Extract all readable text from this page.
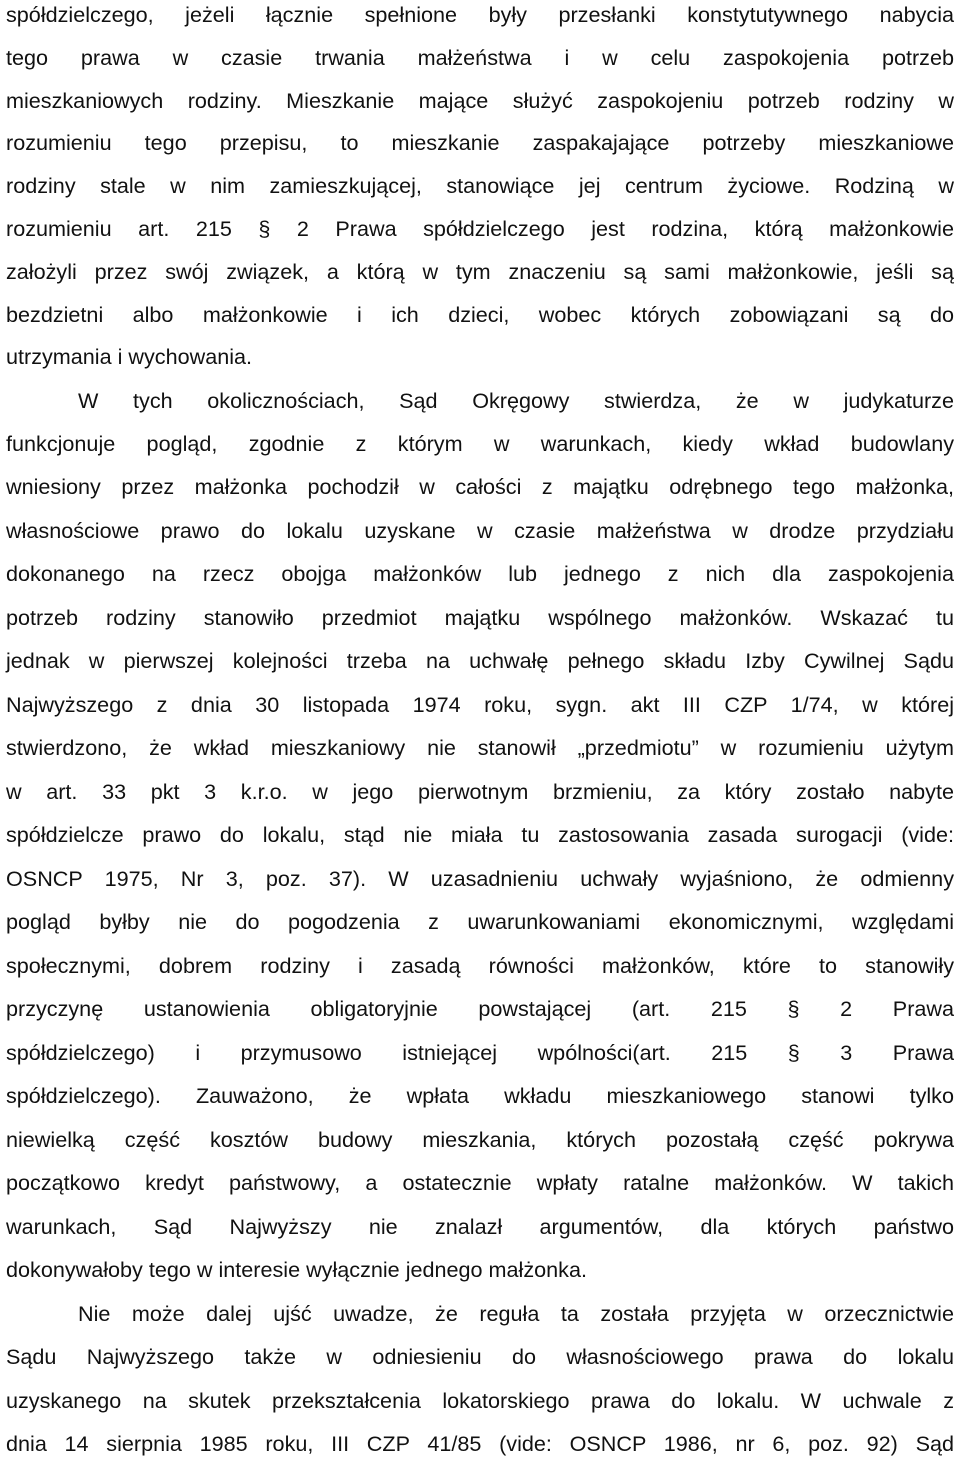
spółdzielczego, jeżeli łącznie spełnione były przesłanki konstytutywnego nabycia
tego prawa w czasie trwania małżeństwa i w celu zaspokojenia potrzeb
mieszkaniowych rodziny. Mieszkanie mające służyć zaspokojeniu potrzeb rodziny w
rozumieniu tego przepisu, to mieszkanie zaspakajające potrzeby mieszkaniowe
rodziny stale w nim zamieszkującej, stanowiące jej centrum życiowe. Rodziną w
rozumieniu art. 215 § 2 Prawa spółdzielczego jest rodzina, którą małżonkowie
założyli przez swój związek, a którą w tym znaczeniu są sami małżonkowie, jeśli są
bezdzietni albo małżonkowie i ich dzieci, wobec których zobowiązani są do
utrzymania i wychowania.
W tych okolicznościach, Sąd Okręgowy stwierdza, że w judykaturze
funkcjonuje pogląd, zgodnie z którym w warunkach, kiedy wkład budowlany
wniesiony przez małżonka pochodził w całości z majątku odrębnego tego małżonka,
własnościowe prawo do lokalu uzyskane w czasie małżeństwa w drodze przydziału
dokonanego na rzecz obojga małżonków lub jednego z nich dla zaspokojenia
potrzeb rodziny stanowiło przedmiot majątku wspólnego małżonków. Wskazać tu
jednak w pierwszej kolejności trzeba na uchwałę pełnego składu Izby Cywilnej Sądu
Najwyższego z dnia 30 listopada 1974 roku, sygn. akt III CZP 1/74, w której
stwierdzono, że wkład mieszkaniowy nie stanowił „przedmiotu” w rozumieniu użytym
w art. 33 pkt 3 k.r.o. w jego pierwotnym brzmieniu, za który zostało nabyte
spółdzielcze prawo do lokalu, stąd nie miała tu zastosowania zasada surogacji (vide:
OSNCP 1975, Nr 3, poz. 37). W uzasadnieniu uchwały wyjaśniono, że odmienny
pogląd byłby nie do pogodzenia z uwarunkowaniami ekonomicznymi, względami
społecznymi, dobrem rodziny i zasadą równości małżonków, które to stanowiły
przyczynę ustanowienia obligatoryjnie powstającej (art. 215 § 2 Prawa
spółdzielczego) i przymusowo istniejącej wpólności(art. 215 § 3 Prawa
spółdzielczego). Zauważono, że wpłata wkładu mieszkaniowego stanowi tylko
niewielką część kosztów budowy mieszkania, których pozostałą część pokrywa
początkowo kredyt państwowy, a ostatecznie wpłaty ratalne małżonków. W takich
warunkach, Sąd Najwyższy nie znalazł argumentów, dla których państwo
dokonywałoby tego w interesie wyłącznie jednego małżonka.
Nie może dalej ujść uwadze, że reguła ta została przyjęta w orzecznictwie
Sądu Najwyższego także w odniesieniu do własnościowego prawa do lokalu
uzyskanego na skutek przekształcenia lokatorskiego prawa do lokalu. W uchwale z
dnia 14 sierpnia 1985 roku, III CZP 41/85 (vide: OSNCP 1986, nr 6, poz. 92) Sąd
